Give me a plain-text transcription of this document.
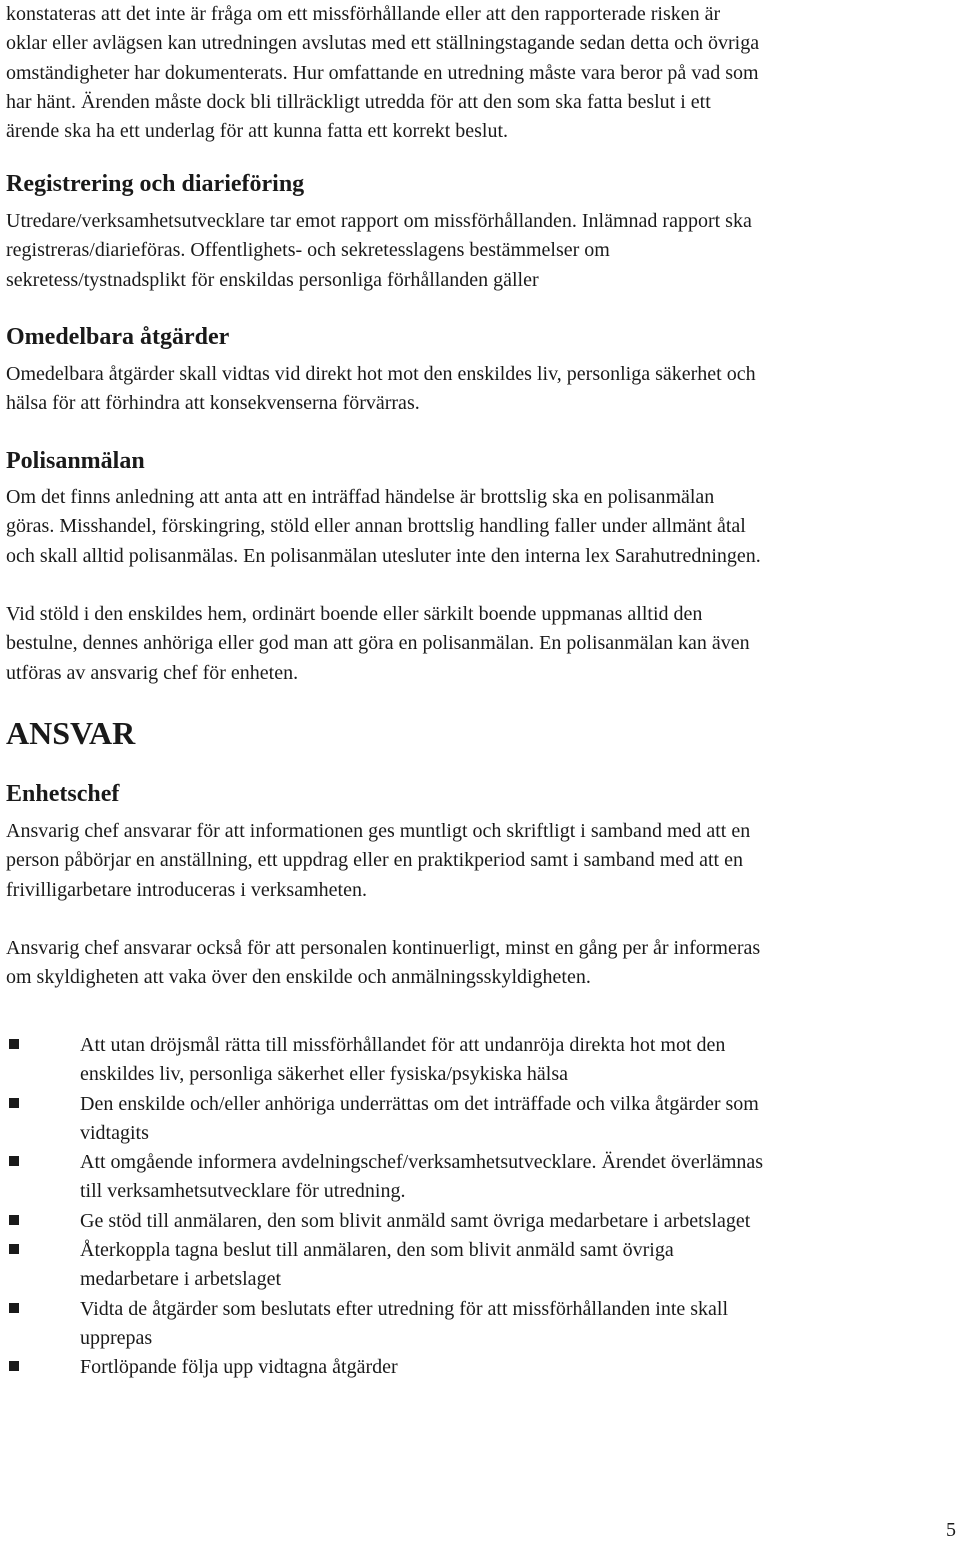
konstateras att det inte är fråga om ett missförhållande eller att den rapporterade risken är

oklar eller avlägsen kan utredningen avslutas med ett ställningstagande sedan detta och övriga

omständigheter har dokumenterats. Hur omfattande en utredning måste vara beror på vad som

har hänt. Ärenden måste dock bli tillräckligt utredda för att den som ska fatta beslut i ett

ärende ska ha ett underlag för att kunna fatta ett korrekt beslut.

Registrering och diarieföring

Utredare/verksamhetsutvecklare tar emot rapport om missförhållanden. Inlämnad rapport ska

registreras/diarieföras. Offentlighets- och sekretesslagens bestämmelser om

sekretess/tystnadsplikt för enskildas personliga förhållanden gäller

Omedelbara åtgärder

Omedelbara åtgärder skall vidtas vid direkt hot mot den enskildes liv, personliga säkerhet och

hälsa för att förhindra att konsekvenserna förvärras.

Polisanmälan

Om det finns anledning att anta att en inträffad händelse är brottslig ska en polisanmälan

göras. Misshandel, förskingring, stöld eller annan brottslig handling faller under allmänt åtal

och skall alltid polisanmälas. En polisanmälan utesluter inte den interna lex Sarahutredningen.

Vid stöld i den enskildes hem, ordinärt boende eller särkilt boende uppmanas alltid den

bestulne, dennes anhöriga eller god man att göra en polisanmälan. En polisanmälan kan även

utföras av ansvarig chef för enheten.

ANSVAR
Enhetschef

Ansvarig chef ansvarar för att informationen ges muntligt och skriftligt i samband med att en

person påbörjar en anställning, ett uppdrag eller en praktikperiod samt i samband med att en

frivilligarbetare introduceras i verksamheten.

Ansvarig chef ansvarar också för att personalen kontinuerligt, minst en gång per år informeras

om skyldigheten att vaka över den enskilde och anmälningsskyldigheten.

Att utan dröjsmål rätta till missförhållandet för att undanröja direkta hot mot den

enskildes liv, personliga säkerhet eller fysiska/psykiska hälsa

Den enskilde och/eller anhöriga underrättas om det inträffade och vilka åtgärder som

vidtagits

Att omgående informera avdelningschef/verksamhetsutvecklare. Ärendet överlämnas

till verksamhetsutvecklare för utredning.

Ge stöd till anmälaren, den som blivit anmäld samt övriga medarbetare i arbetslaget

Återkoppla tagna beslut till anmälaren, den som blivit anmäld samt övriga

medarbetare i arbetslaget

Vidta de åtgärder som beslutats efter utredning för att missförhållanden inte skall

upprepas

Fortlöpande följa upp vidtagna åtgärder

5
